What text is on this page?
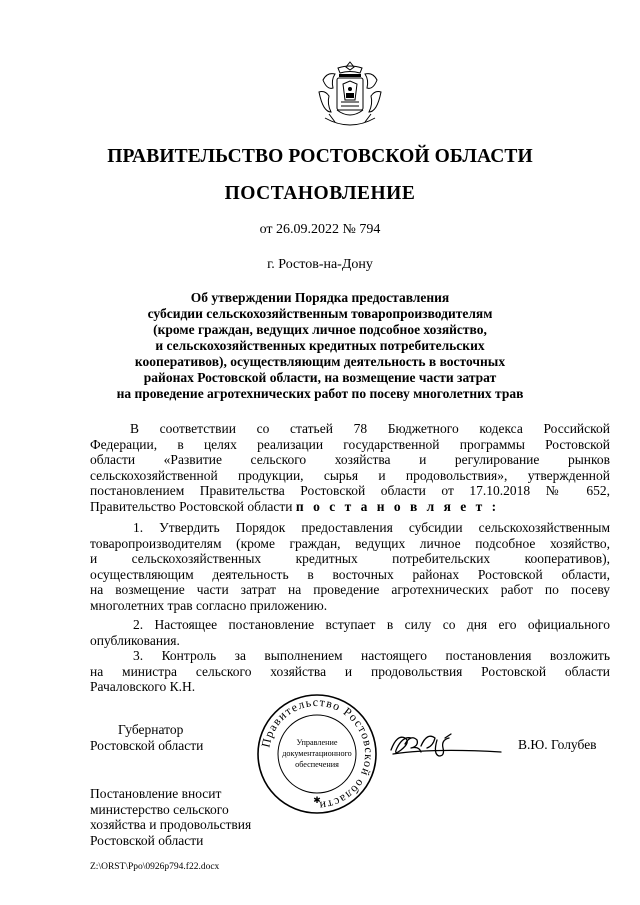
ПРАВИТЕЛЬСТВО РОСТОВСКОЙ ОБЛАСТИ
ПОСТАНОВЛЕНИЕ
от 26.09.2022 № 794
г. Ростов-на-Дону
Об утверждении Порядка предоставления
субсидии сельскохозяйственным товаропроизводителям
(кроме граждан, ведущих личное подсобное хозяйство,
и сельскохозяйственных кредитных потребительских
кооперативов), осуществляющим деятельность в восточных
районах Ростовской области, на возмещение части затрат
на проведение агротехнических работ по посеву многолетних трав
В соответствии со статьей 78 Бюджетного кодекса Российской
Федерации, в целях реализации государственной программы Ростовской
области «Развитие сельского хозяйства и регулирование рынков
сельскохозяйственной продукции, сырья и продовольствия», утвержденной
постановлением Правительства Ростовской области от 17.10.2018 № 652,
Правительство Ростовской области п о с т а н о в л я е т :
1. Утвердить Порядок предоставления субсидии сельскохозяйственным
товаропроизводителям (кроме граждан, ведущих личное подсобное хозяйство,
и сельскохозяйственных кредитных потребительских кооперативов),
осуществляющим деятельность в восточных районах Ростовской области,
на возмещение части затрат на проведение агротехнических работ по посеву
многолетних трав согласно приложению.
2. Настоящее постановление вступает в силу со дня его официального
опубликования.
3. Контроль за выполнением настоящего постановления возложить
на министра сельского хозяйства и продовольствия Ростовской области
Рачаловского К.Н.
Губернатор
Ростовской области	Правительство Ростовской области
Управление
документационного
обеспечения
✱
В.Ю. Голубев
Постановление вносит
министерство сельского
хозяйства и продовольствия
Ростовской области
Z:\ORST\Ppo\0926p794.f22.docx
